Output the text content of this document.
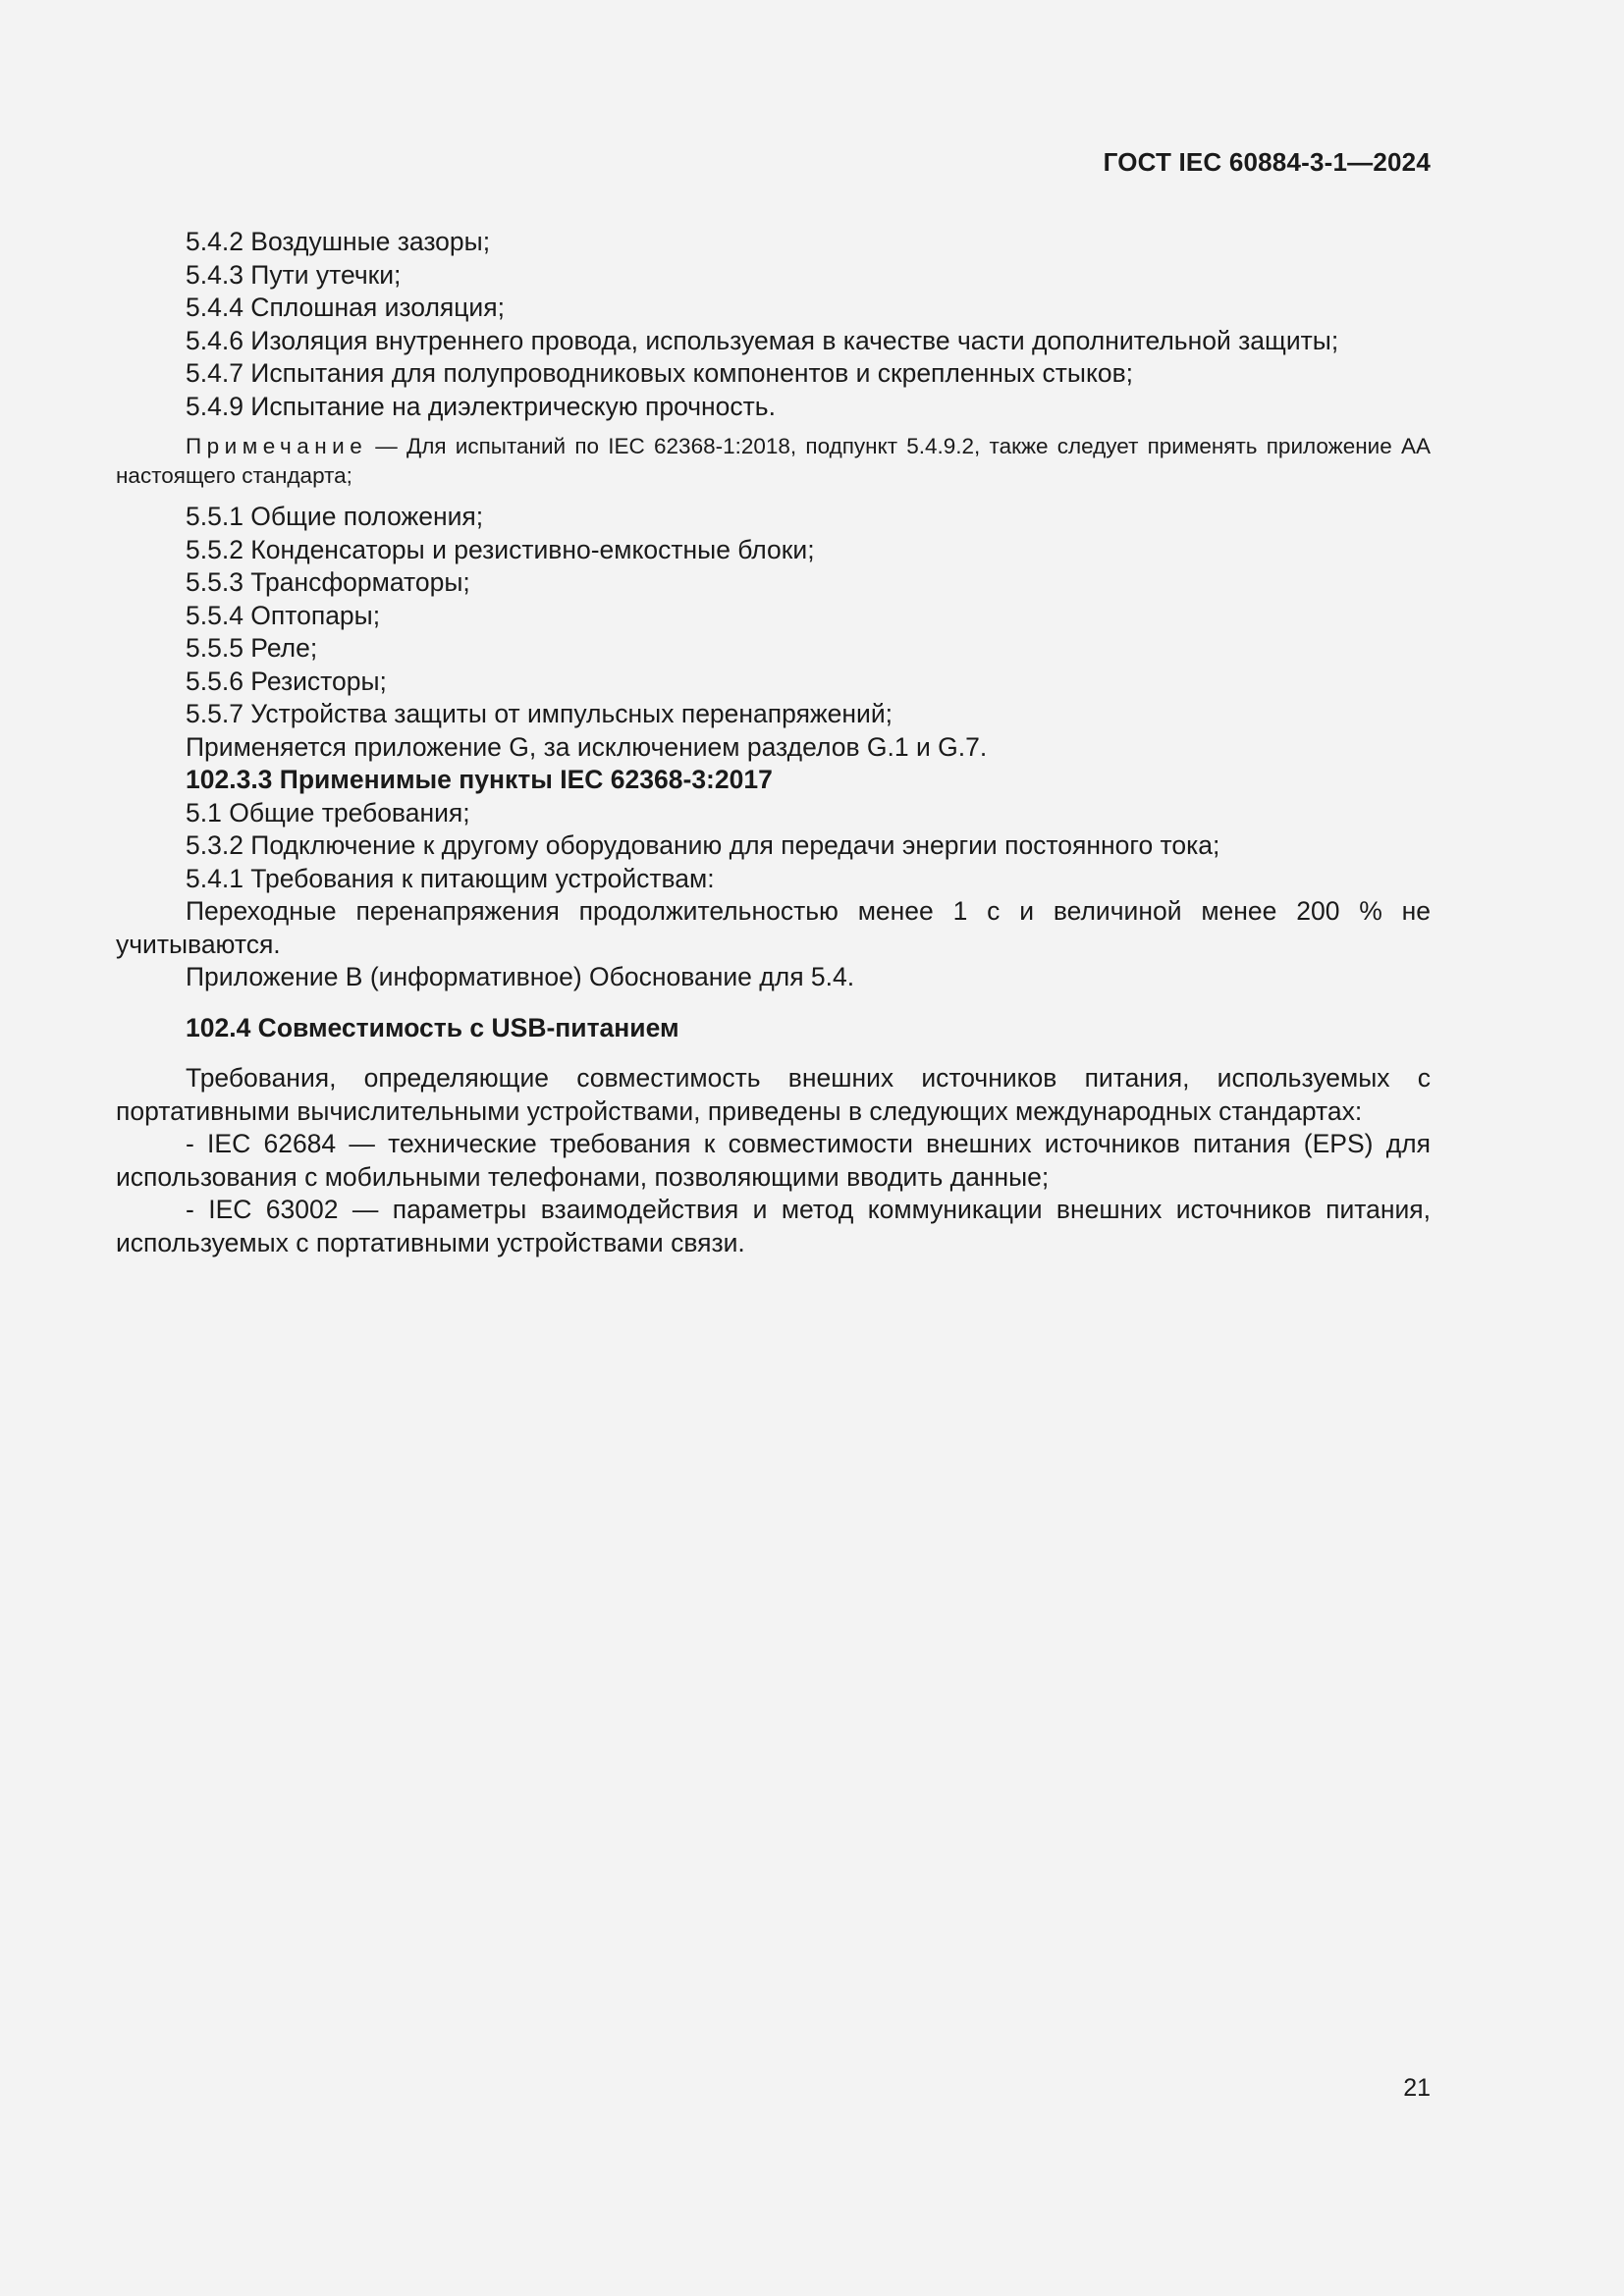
ГОСТ IEC 60884-3-1—2024
5.4.2 Воздушные зазоры;
5.4.3 Пути утечки;
5.4.4 Сплошная изоляция;
5.4.6 Изоляция внутреннего провода, используемая в качестве части дополнительной защиты;
5.4.7 Испытания для полупроводниковых компонентов и скрепленных стыков;
5.4.9 Испытание на диэлектрическую прочность.
Примечание — Для испытаний по IEC 62368-1:2018, подпункт 5.4.9.2, также следует применять приложение АА настоящего стандарта;
5.5.1 Общие положения;
5.5.2 Конденсаторы и резистивно-емкостные блоки;
5.5.3 Трансформаторы;
5.5.4 Оптопары;
5.5.5 Реле;
5.5.6 Резисторы;
5.5.7 Устройства защиты от импульсных перенапряжений;
Применяется приложение G, за исключением разделов G.1 и G.7.
102.3.3 Применимые пункты IEC 62368-3:2017
5.1 Общие требования;
5.3.2 Подключение к другому оборудованию для передачи энергии постоянного тока;
5.4.1 Требования к питающим устройствам:
Переходные перенапряжения продолжительностью менее 1 с и величиной менее 200 % не учитываются.
Приложение В (информативное) Обоснование для 5.4.
102.4 Совместимость с USB-питанием
Требования, определяющие совместимость внешних источников питания, используемых с портативными вычислительными устройствами, приведены в следующих международных стандартах:
- IEC 62684 — технические требования к совместимости внешних источников питания (EPS) для использования с мобильными телефонами, позволяющими вводить данные;
- IEC 63002 — параметры взаимодействия и метод коммуникации внешних источников питания, используемых с портативными устройствами связи.
21
